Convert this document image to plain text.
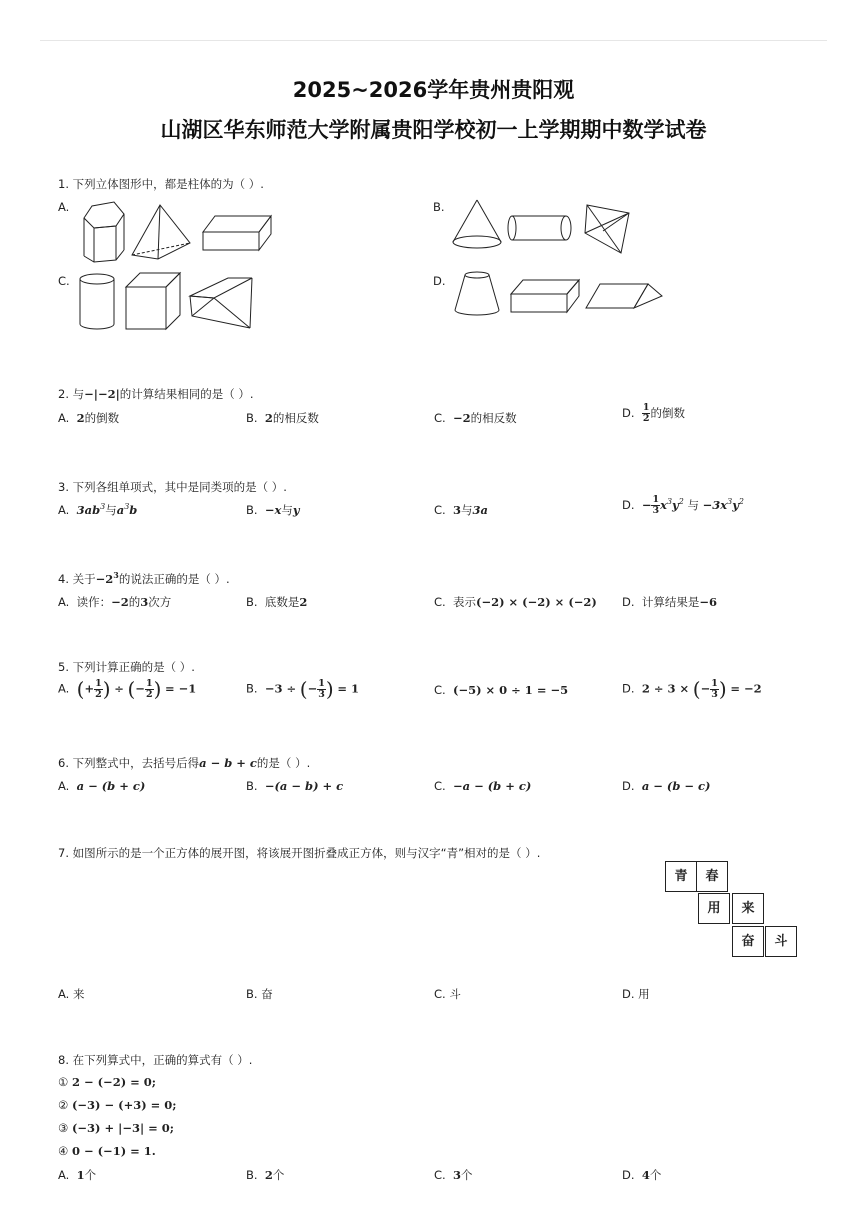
2025~2026学年贵州贵阳观
山湖区华东师范大学附属贵阳学校初一上学期期中数学试卷
1. 下列立体图形中，都是柱体的为（ ）.
A.	B.
C.	D.
2. 与−|−2|的计算结果相同的是（ ）.
A. 2的倒数	B. 2的相反数	C. −2的相反数	D. $\frac{1}{2}$ 的倒数
3. 下列各组单项式，其中是同类项的是（ ）.
A. $3ab^3$与$a^3b$	B. −x与y	C. 3与3a	D. − $\frac{1}{3} x^3y^2$ 与 $-3x^3y^2$
4. 关于$-2^3$的说法正确的是（ ）.
A. 读作：−2的3次方	B. 底数是2	C. 表示(−2) × (−2) × (−2) D. 计算结果是−6
5. 下列计算正确的是（ ）.
A. (+ $\frac{1}{2}$ ) ÷ (− $\frac{1}{2}$ ) = −1	B. −3 ÷ (− $\frac{1}{3}$ ) = 1	C. (−5) × 0 ÷ 1 = −5	D. 2 ÷ 3 × (− $\frac{1}{3}$ ) = −2
6. 下列整式中，去括号后得a − b + c的是（ ）.
A. a − (b + c)	B. −(a − b) + c	C. −a − (b + c)	D. a − (b − c)
7. 如图所示的是一个正方体的展开图，将该展开图折叠成正方体，则与汉字“青”相对的是（ ）.
青	春
用	来
奋	斗
A. 来	B. 奋	C. 斗	D. 用
8. 在下列算式中，正确的算式有（ ）.
① 2 − (−2) = 0;
② (−3) − (+3) = 0;
③ (−3) + |−3| = 0;
④ 0 − (−1) = 1.
A. 1个	B. 2个	C. 3个	D. 4个
